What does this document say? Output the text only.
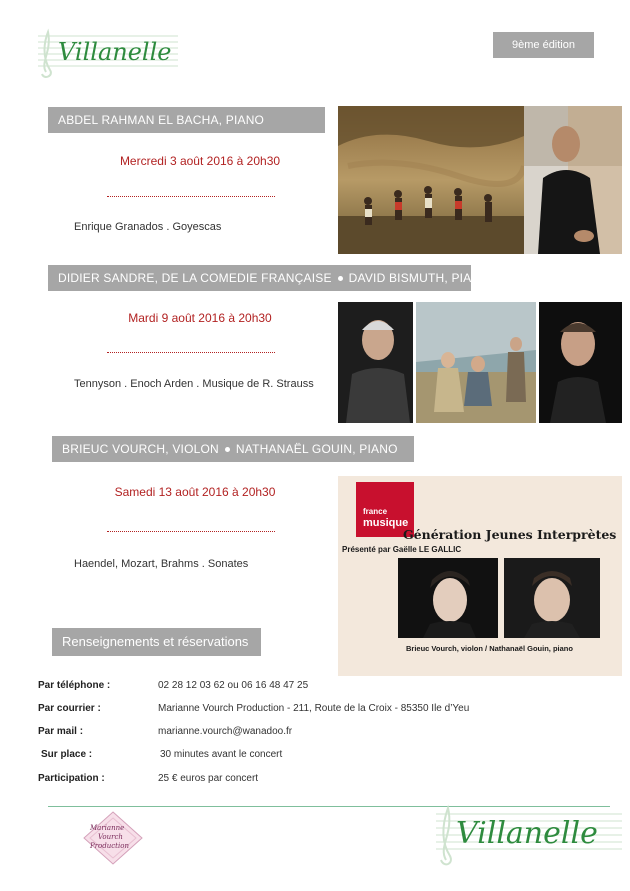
Villanelle	9ème édition
ABDEL RAHMAN EL BACHA, PIANO
Mercredi 3 août 2016 à 20h30
Enrique Granados . Goyescas
DIDIER SANDRE, DE LA COMEDIE FRANÇAISE DAVID BISMUTH, PIANO
Mardi 9 août 2016 à 20h30
Tennyson . Enoch Arden . Musique de R. Strauss
BRIEUC VOURCH, VIOLON NATHANAËL GOUIN, PIANO
Samedi 13 août 2016 à 20h30
Haendel, Mozart, Brahms . Sonates
france
musique
Génération Jeunes Interprètes
Présenté par Gaëlle LE GALLIC
Brieuc Vourch, violon / Nathanaël Gouin, piano
Renseignements et réservations
Par téléphone :	02 28 12 03 62 ou 06 16 48 47 25
Par courrier :	Marianne Vourch Production - 211, Route de la Croix - 85350 Ile d’Yeu
Par mail :	marianne.vourch@wanadoo.fr
Sur place :	30 minutes avant le concert
Participation :	25 € euros par concert
Marianne
Vourch
Production	Villanelle
